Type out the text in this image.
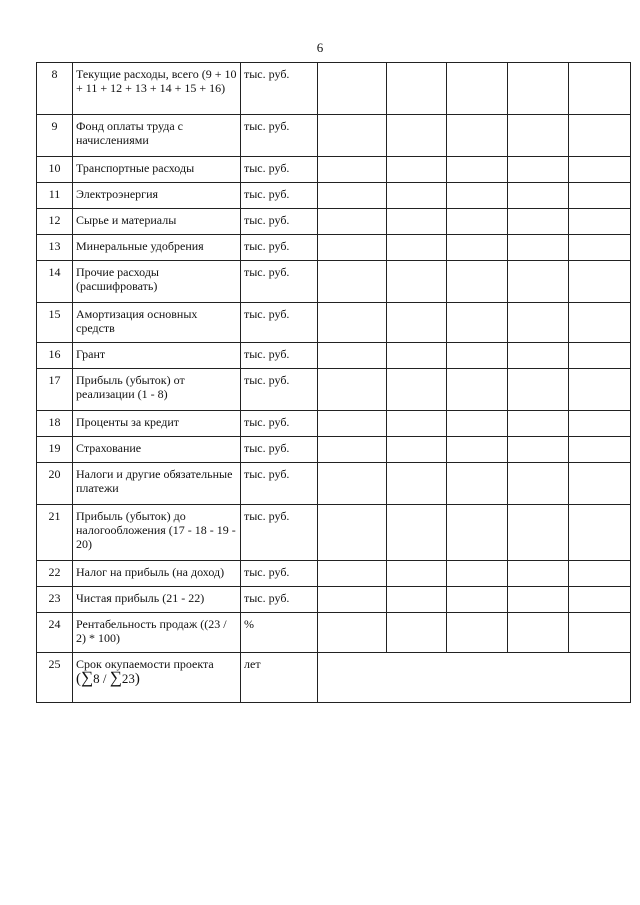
6
8	Текущие расходы, всего (9 + 10 + 11 + 12 + 13 + 14 + 15 + 16)	тыс. руб.					
9	Фонд оплаты труда с начислениями	тыс. руб.					
10	Транспортные расходы	тыс. руб.					
11	Электроэнергия	тыс. руб.					
12	Сырье и материалы	тыс. руб.					
13	Минеральные удобрения	тыс. руб.					
14	Прочие расходы (расшифровать)	тыс. руб.					
15	Амортизация основных средств	тыс. руб.					
16	Грант	тыс. руб.					
17	Прибыль (убыток) от реализации (1 - 8)	тыс. руб.					
18	Проценты за кредит	тыс. руб.					
19	Страхование	тыс. руб.					
20	Налоги и другие обязательные платежи	тыс. руб.					
21	Прибыль (убыток) до налогообложения (17 - 18 - 19 - 20)	тыс. руб.					
22	Налог на прибыль (на доход)	тыс. руб.					
23	Чистая прибыль (21 - 22)	тыс. руб.					
24	Рентабельность продаж ((23 / 2) * 100)	%					
25	Срок окупаемости проекта (∑8 / ∑23)	лет					
